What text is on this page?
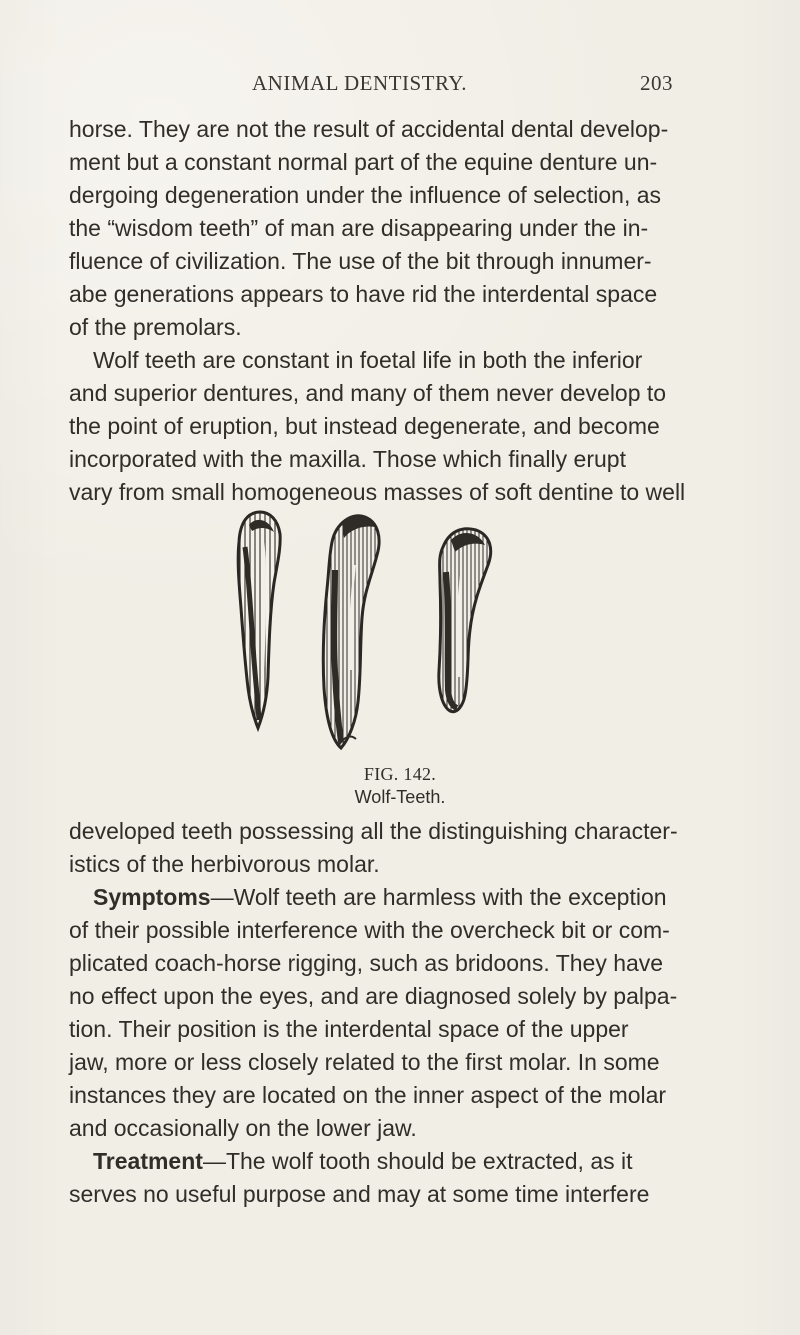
ANIMAL DENTISTRY.	203
horse. They are not the result of accidental dental develop-
ment but a constant normal part of the equine denture un-
dergoing degeneration under the influence of selection, as
the “wisdom teeth” of man are disappearing under the in-
fluence of civilization. The use of the bit through innumer-
abe generations appears to have rid the interdental space
of the premolars.
Wolf teeth are constant in foetal life in both the inferior
and superior dentures, and many of them never develop to
the point of eruption, but instead degenerate, and become
incorporated with the maxilla. Those which finally erupt
vary from small homogeneous masses of soft dentine to well
FIG. 142.
Wolf-Teeth.
developed teeth possessing all the distinguishing character-
istics of the herbivorous molar.
Symptoms—Wolf teeth are harmless with the exception
of their possible interference with the overcheck bit or com-
plicated coach-horse rigging, such as bridoons. They have
no effect upon the eyes, and are diagnosed solely by palpa-
tion. Their position is the interdental space of the upper
jaw, more or less closely related to the first molar. In some
instances they are located on the inner aspect of the molar
and occasionally on the lower jaw.
Treatment—The wolf tooth should be extracted, as it
serves no useful purpose and may at some time interfere
